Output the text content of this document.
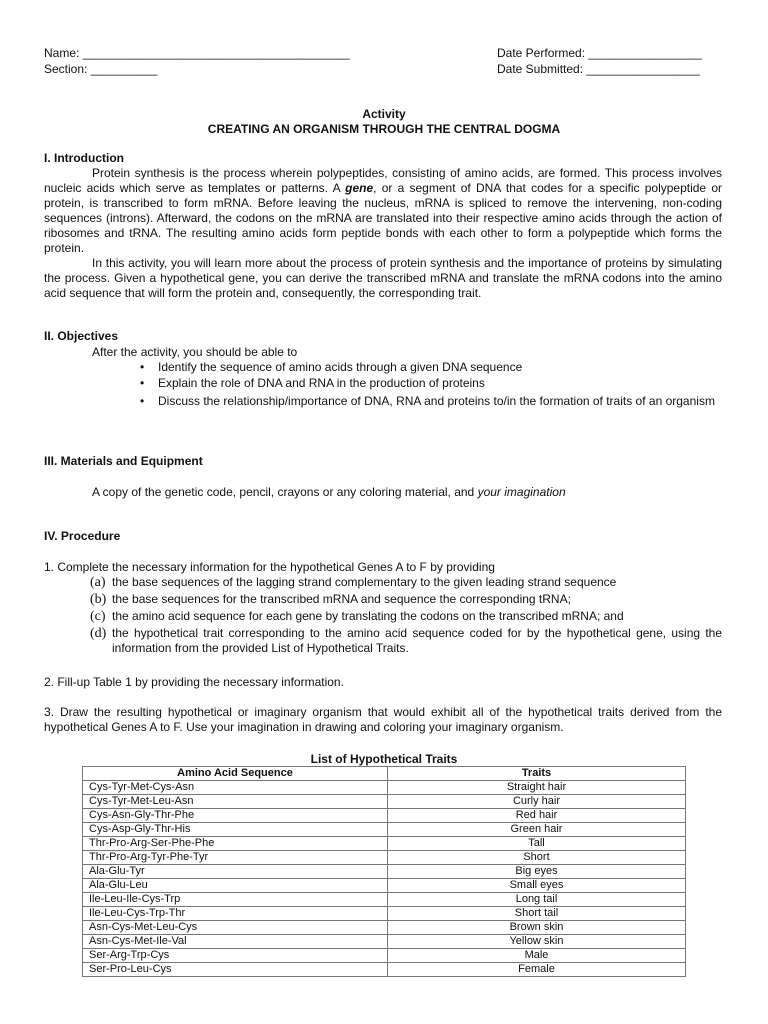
Name: ________________________________________
Section: __________
Date Performed: _________________
Date Submitted: _________________
Activity
CREATING AN ORGANISM THROUGH THE CENTRAL DOGMA
I. Introduction
Protein synthesis is the process wherein polypeptides, consisting of amino acids, are formed. This process involves nucleic acids which serve as templates or patterns. A gene, or a segment of DNA that codes for a specific polypeptide or protein, is transcribed to form mRNA. Before leaving the nucleus, mRNA is spliced to remove the intervening, non-coding sequences (introns). Afterward, the codons on the mRNA are translated into their respective amino acids through the action of ribosomes and tRNA. The resulting amino acids form peptide bonds with each other to form a polypeptide which forms the protein.
In this activity, you will learn more about the process of protein synthesis and the importance of proteins by simulating the process. Given a hypothetical gene, you can derive the transcribed mRNA and translate the mRNA codons into the amino acid sequence that will form the protein and, consequently, the corresponding trait.
II. Objectives
After the activity, you should be able to
• Identify the sequence of amino acids through a given DNA sequence
• Explain the role of DNA and RNA in the production of proteins
• Discuss the relationship/importance of DNA, RNA and proteins to/in the formation of traits of an organism
III. Materials and Equipment
A copy of the genetic code, pencil, crayons or any coloring material, and your imagination
IV. Procedure
1. Complete the necessary information for the hypothetical Genes A to F by providing
(a) the base sequences of the lagging strand complementary to the given leading strand sequence
(b) the base sequences for the transcribed mRNA and sequence the corresponding tRNA;
(c) the amino acid sequence for each gene by translating the codons on the transcribed mRNA; and
(d) the hypothetical trait corresponding to the amino acid sequence coded for by the hypothetical gene, using the information from the provided List of Hypothetical Traits.
2. Fill-up Table 1 by providing the necessary information.
3. Draw the resulting hypothetical or imaginary organism that would exhibit all of the hypothetical traits derived from the hypothetical Genes A to F. Use your imagination in drawing and coloring your imaginary organism.
List of Hypothetical Traits
Amino Acid Sequence	Traits
Cys-Tyr-Met-Cys-Asn	Straight hair
Cys-Tyr-Met-Leu-Asn	Curly hair
Cys-Asn-Gly-Thr-Phe	Red hair
Cys-Asp-Gly-Thr-His	Green hair
Thr-Pro-Arg-Ser-Phe-Phe	Tall
Thr-Pro-Arg-Tyr-Phe-Tyr	Short
Ala-Glu-Tyr	Big eyes
Ala-Glu-Leu	Small eyes
Ile-Leu-Ile-Cys-Trp	Long tail
Ile-Leu-Cys-Trp-Thr	Short tail
Asn-Cys-Met-Leu-Cys	Brown skin
Asn-Cys-Met-Ile-Val	Yellow skin
Ser-Arg-Trp-Cys	Male
Ser-Pro-Leu-Cys	Female
